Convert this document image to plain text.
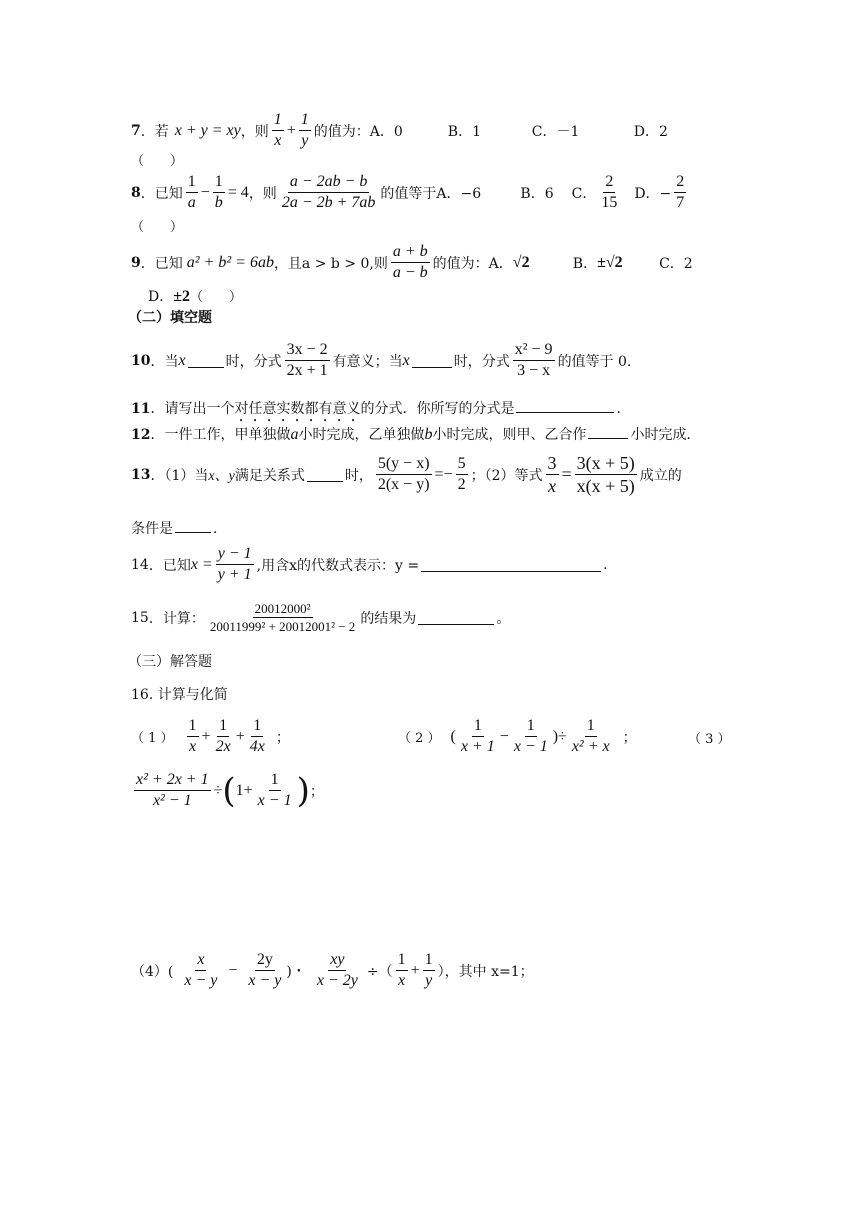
7 ．若 x + y = xy ，则 $\frac{1}{x} + \frac{1}{y}$ 的值为： A．0	B．1	C．－1	D．2
（　　）
8 ．已知 $\frac{1}{a} - \frac{1}{b} = 4$ ，则 $\frac{a - 2ab - b}{2a - 2b + 7ab}$ 的值等于 A．−6	B．6 C． $\frac{2}{15}$ D．− $\frac{2}{7}$
（　　）
9 ．已知 a² + b² = 6ab ，且a > b > 0,则 $\frac{a + b}{a - b}$ 的值为： A． √2	B． ±√2	C．2
D．±2（　　）
（二）填空题
10 ．当 x	时，分式 $\frac{3x - 2}{2x + 1}$ 有意义；当 x	时，分式 $\frac{\text{x² − 9}}{3 - x}$ 的值等于 0.
11．请写出一个对任意实数都有意义的分式．你所写的分式是	.
12．一件工作，甲单独做a小时完成，乙单独做b小时完成，则甲、乙合作	小时完成．
13 ．（1）当 x、y 满足关系式	时， $\frac{5(y - x)}{2(x - y)} =- \frac{5}{2}$ ；（2）等式 $\frac{3}{x} = \frac{3(x + 5)}{x(x + 5)}$ 成立的
条件是	.
14 ．已知 $x = \frac{y - 1}{y + 1}$ ,用含x的代数式表示：y =	.
15 ．计算： $\frac{\text{20012000²}}{\text{20011999² + 20012001² − 2}}$ 的结果为	。
（三）解答题
16. 计算与化简
（ 1 ） $\frac{1}{x} + \frac{1}{2x} + \frac{1}{4x}$ ；	（ 2 ） ( $\frac{1}{x + 1} - \frac{1}{x - 1}$ ) ÷ $\frac{1}{\text{x² + x}}$ ；	（ 3 ）
$\frac{\text{x² + 2x + 1}}{\text{x² − 1}}$ ÷ ( $1+ \frac{1}{x - 1}$ ) ；
$(4)( \frac{x}{x - y} - \frac{2y}{x - y}$ )・ $\frac{xy}{x - 2y}$ ÷（ $\frac{1}{x} + \frac{1}{y}$ ），其中 x=1；
